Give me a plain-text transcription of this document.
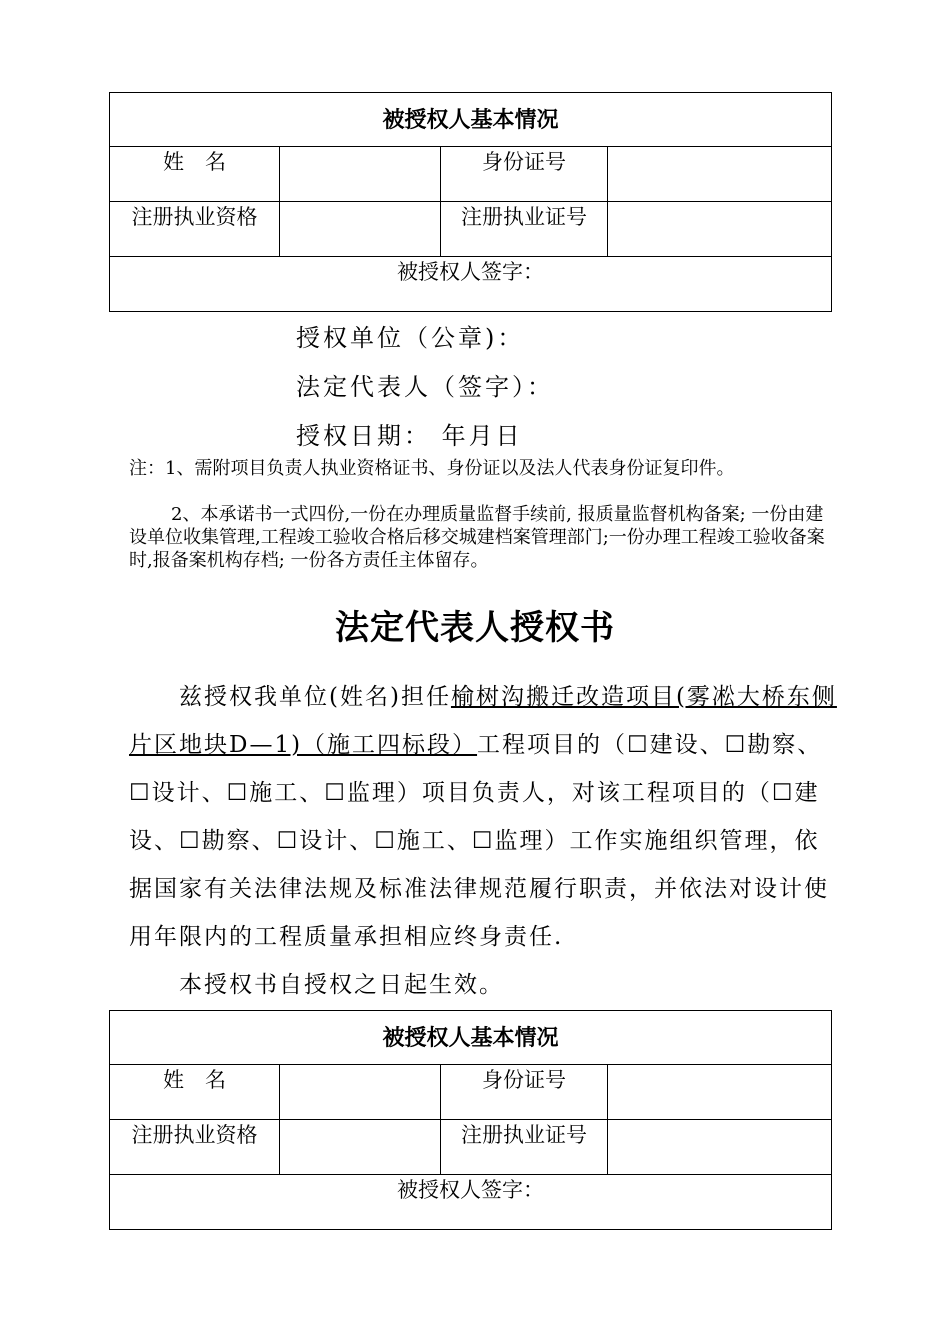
被授权人基本情况			
姓　名		身份证号	
注册执业资格		注册执业证号	
被授权人签字：			
授权单位（公章)：
法定代表人（签字）：
授权日期： 年月日
注：1、需附项目负责人执业资格证书、身份证以及法人代表身份证复印件。
2、本承诺书一式四份,一份在办理质量监督手续前, 报质量监督机构备案; 一份由建设单位收集管理,工程竣工验收合格后移交城建档案管理部门;一份办理工程竣工验收备案时,报备案机构存档; 一份各方责任主体留存。
法定代表人授权书
兹授权我单位(姓名)担任榆树沟搬迁改造项目(雾凇大桥东侧片区地块D—1)（施工四标段）工程项目的（☐建设、☐勘察、☐设计、☐施工、☐监理）项目负责人，对该工程项目的（☐建设、☐勘察、☐设计、☐施工、☐监理）工作实施组织管理，依据国家有关法律法规及标准法律规范履行职责，并依法对设计使用年限内的工程质量承担相应终身责任.
本授权书自授权之日起生效。
被授权人基本情况			
姓　名		身份证号	
注册执业资格		注册执业证号	
被授权人签字：			
